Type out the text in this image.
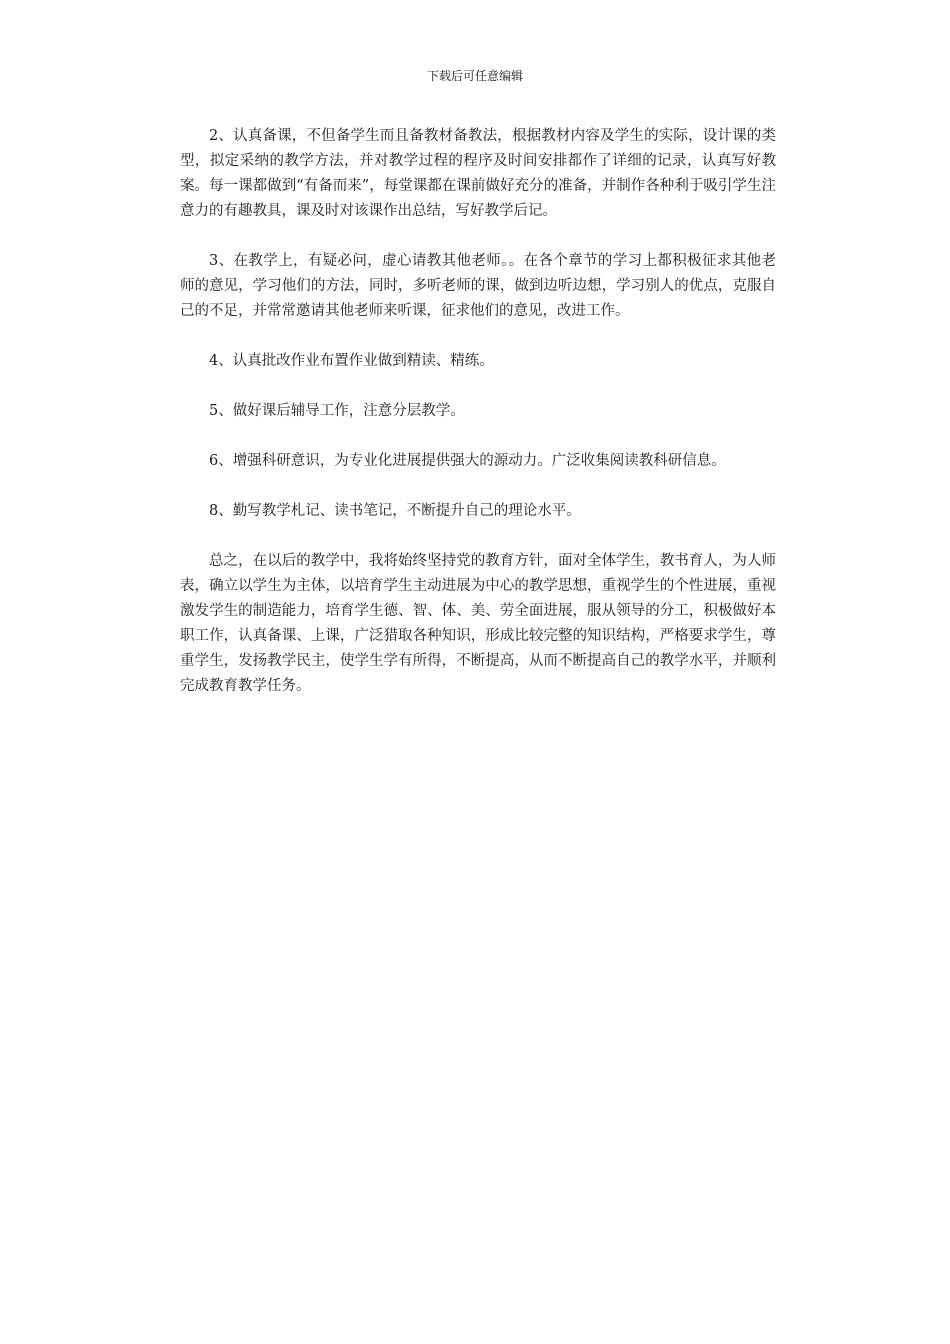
下载后可任意编辑

2、认真备课，不但备学生而且备教材备教法，根据教材内容及学生的实际，设计课的类型，拟定采纳的教学方法，并对教学过程的程序及时间安排都作了详细的记录，认真写好教案。每一课都做到“有备而来”，每堂课都在课前做好充分的准备，并制作各种利于吸引学生注意力的有趣教具，课及时对该课作出总结，写好教学后记。

3、在教学上，有疑必问，虚心请教其他老师。。在各个章节的学习上都积极征求其他老师的意见，学习他们的方法，同时，多听老师的课，做到边听边想，学习别人的优点，克服自己的不足，并常常邀请其他老师来听课，征求他们的意见，改进工作。

4、认真批改作业布置作业做到精读、精练。

5、做好课后辅导工作，注意分层教学。

6、增强科研意识，为专业化进展提供强大的源动力。广泛收集阅读教科研信息。

8、勤写教学札记、读书笔记，不断提升自己的理论水平。

总之，在以后的教学中，我将始终坚持党的教育方针，面对全体学生，教书育人，为人师表，确立以学生为主体，以培育学生主动进展为中心的教学思想，重视学生的个性进展，重视激发学生的制造能力，培育学生德、智、体、美、劳全面进展，服从领导的分工，积极做好本职工作，认真备课、上课，广泛猎取各种知识，形成比较完整的知识结构，严格要求学生，尊重学生，发扬教学民主，使学生学有所得，不断提高，从而不断提高自己的教学水平，并顺利完成教育教学任务。
